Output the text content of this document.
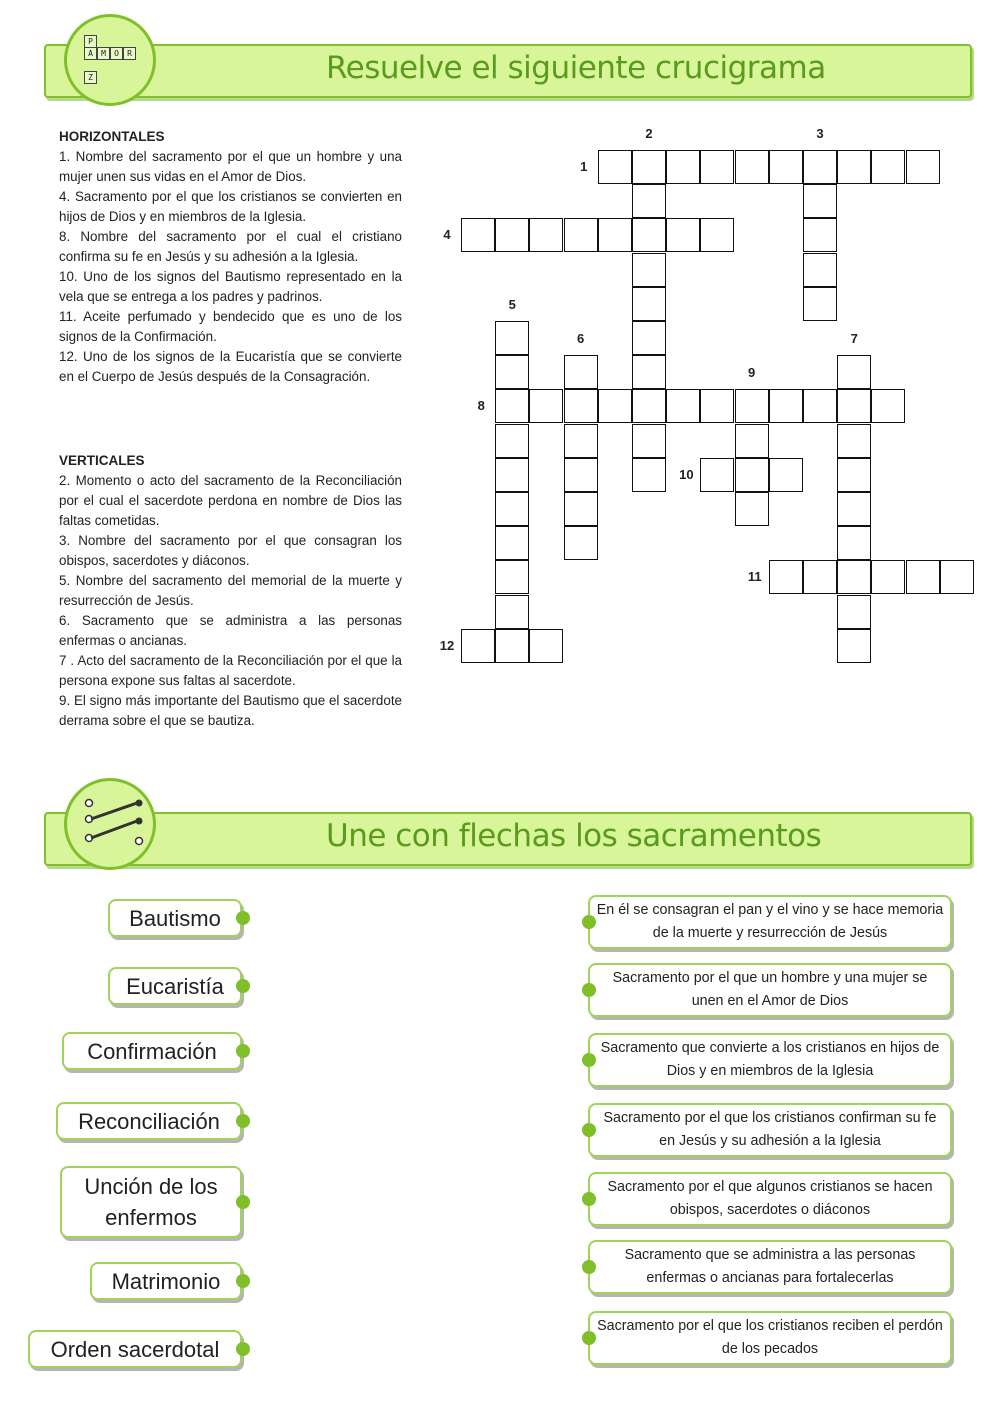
Resuelve el siguiente crucigrama
P
A	M	O	R
Z
HORIZONTALES

1. Nombre del sacramento por el que un hombre y una mujer unen sus vidas en el Amor de Dios.

4. Sacramento por el que los cristianos se convierten en hijos de Dios y en miembros de la Iglesia.

8. Nombre del sacramento por el cual el cristiano confirma su fe en Jesús y su adhesión a la Iglesia.

10. Uno de los signos del Bautismo representado en la vela que se entrega a los padres y padrinos.

11. Aceite perfumado y bendecido que es uno de los signos de la Confirmación.

12. Uno de los signos de la Eucaristía que se convierte en el Cuerpo de Jesús después de la Consagración.

VERTICALES

2. Momento o acto del sacramento de la Reconciliación por el cual el sacerdote perdona en nombre de Dios las faltas cometidas.

3. Nombre del sacramento por el que consagran los obispos, sacerdotes y diáconos.

5. Nombre del sacramento del memorial de la muerte y resurrección de Jesús.

6. Sacramento que se administra a las personas enfermas o ancianas.

7 . Acto del sacramento de la Reconciliación por el que la persona expone sus faltas al sacerdote.

9. El signo más importante del Bautismo que el sacerdote derrama sobre el que se bautiza.

1
2	3
4
5
6	7
8
9
10
11
12
Une con flechas los sacramentos
Bautismo
Eucaristía
Confirmación
Reconciliación
Unción de los enfermos
Matrimonio
Orden sacerdotal
En él se consagran el pan y el vino y se hace memoria de la muerte y resurrección de Jesús
Sacramento por el que un hombre y una mujer se unen en el Amor de Dios
Sacramento que convierte a los cristianos en hijos de Dios y en miembros de la Iglesia
Sacramento por el que los cristianos confirman su fe en Jesús y su adhesión a la Iglesia
Sacramento por el que algunos cristianos se hacen obispos, sacerdotes o diáconos
Sacramento que se administra a las personas enfermas o ancianas para fortalecerlas
Sacramento por el que los cristianos reciben el perdón de los pecados
